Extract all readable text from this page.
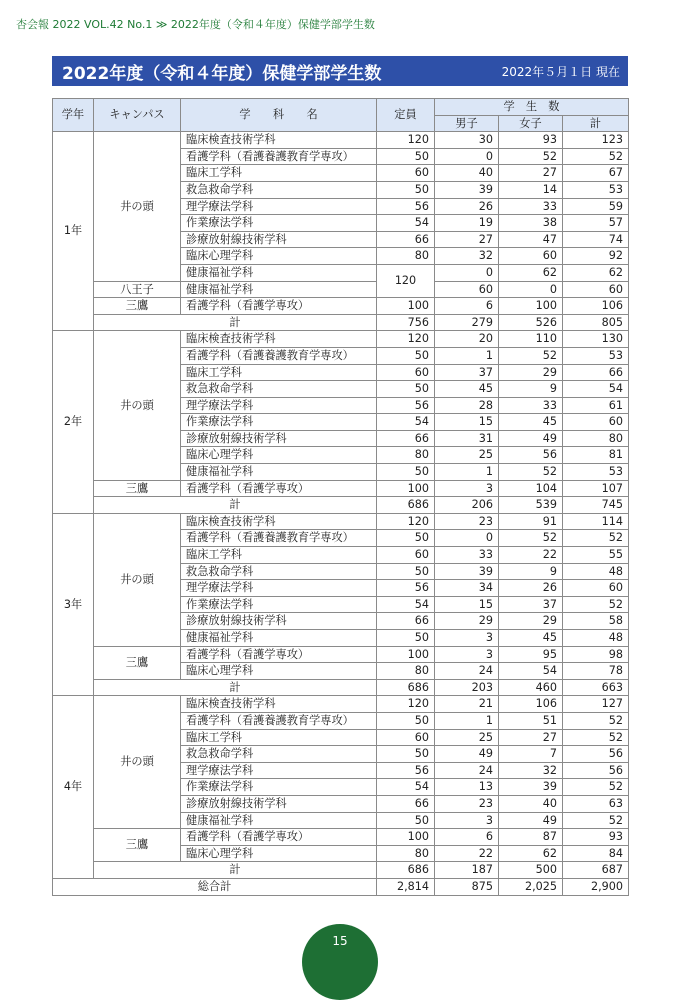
杏会報 2022 VOL.42 No.1 ≫ 2022年度（令和４年度）保健学部学生数
2022年度（令和４年度）保健学部学生数	2022年５月１日 現在
学年	キャンパス	学　　科　　名	定員	学　生　数		
				男子	女子	計
1年	井の頭	臨床検査技術学科	120	30	93	123
		看護学科（看護養護教育学専攻）	50	0	52	52
		臨床工学科	60	40	27	67
		救急救命学科	50	39	14	53
		理学療法学科	56	26	33	59
		作業療法学科	54	19	38	57
		診療放射線技術学科	66	27	47	74
		臨床心理学科	80	32	60	92
		健康福祉学科	120	0	62	62
	八王子	健康福祉学科		60	0	60
	三鷹	看護学科（看護学専攻）	100	6	100	106
	計		756	279	526	805
2年	井の頭	臨床検査技術学科	120	20	110	130
		看護学科（看護養護教育学専攻）	50	1	52	53
		臨床工学科	60	37	29	66
		救急救命学科	50	45	9	54
		理学療法学科	56	28	33	61
		作業療法学科	54	15	45	60
		診療放射線技術学科	66	31	49	80
		臨床心理学科	80	25	56	81
		健康福祉学科	50	1	52	53
	三鷹	看護学科（看護学専攻）	100	3	104	107
	計		686	206	539	745
3年	井の頭	臨床検査技術学科	120	23	91	114
		看護学科（看護養護教育学専攻）	50	0	52	52
		臨床工学科	60	33	22	55
		救急救命学科	50	39	9	48
		理学療法学科	56	34	26	60
		作業療法学科	54	15	37	52
		診療放射線技術学科	66	29	29	58
		健康福祉学科	50	3	45	48
	三鷹	看護学科（看護学専攻）	100	3	95	98
		臨床心理学科	80	24	54	78
	計		686	203	460	663
4年	井の頭	臨床検査技術学科	120	21	106	127
		看護学科（看護養護教育学専攻）	50	1	51	52
		臨床工学科	60	25	27	52
		救急救命学科	50	49	7	56
		理学療法学科	56	24	32	56
		作業療法学科	54	13	39	52
		診療放射線技術学科	66	23	40	63
		健康福祉学科	50	3	49	52
	三鷹	看護学科（看護学専攻）	100	6	87	93
		臨床心理学科	80	22	62	84
	計		686	187	500	687
総合計			2,814	875	2,025	2,900
15
